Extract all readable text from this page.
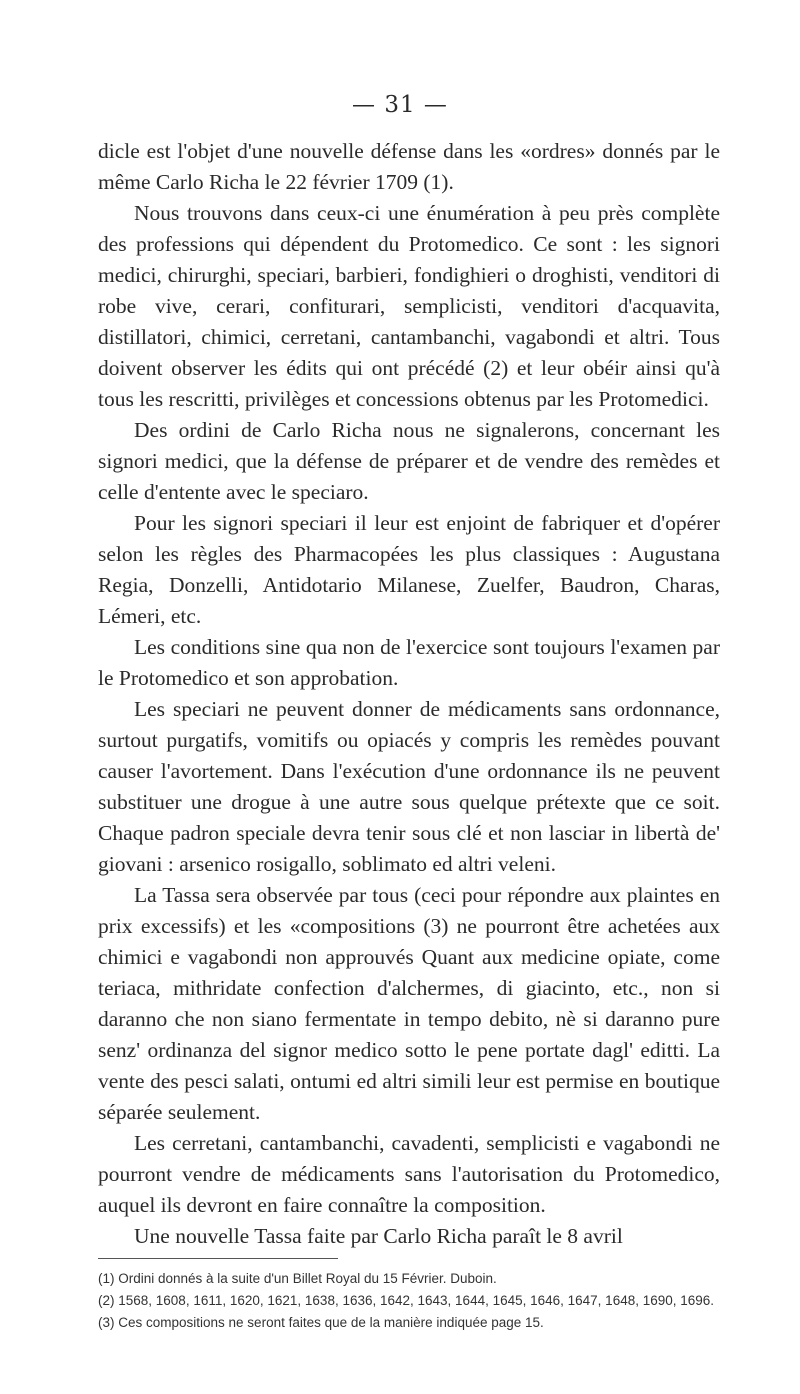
— 31 —

dicle est l'objet d'une nouvelle défense dans les «ordres» donnés par le même Carlo Richa le 22 février 1709 (1).

Nous trouvons dans ceux-ci une énumération à peu près complète des professions qui dépendent du Protomedico. Ce sont : les signori medici, chirurghi, speciari, barbieri, fondighieri o droghisti, venditori di robe vive, cerari, confiturari, semplicisti, venditori d'acquavita, distillatori, chimici, cerretani, cantambanchi, vagabondi et altri. Tous doivent observer les édits qui ont précédé (2) et leur obéir ainsi qu'à tous les rescritti, privilèges et concessions obtenus par les Protomedici.

Des ordini de Carlo Richa nous ne signalerons, concernant les signori medici, que la défense de préparer et de vendre des remèdes et celle d'entente avec le speciaro.

Pour les signori speciari il leur est enjoint de fabriquer et d'opérer selon les règles des Pharmacopées les plus classiques : Augustana Regia, Donzelli, Antidotario Milanese, Zuelfer, Baudron, Charas, Lémeri, etc.

Les conditions sine qua non de l'exercice sont toujours l'examen par le Protomedico et son approbation.

Les speciari ne peuvent donner de médicaments sans ordonnance, surtout purgatifs, vomitifs ou opiacés y compris les remèdes pouvant causer l'avortement. Dans l'exécution d'une ordonnance ils ne peuvent substituer une drogue à une autre sous quelque prétexte que ce soit. Chaque padron speciale devra tenir sous clé et non lasciar in libertà de' giovani : arsenico rosigallo, soblimato ed altri veleni.

La Tassa sera observée par tous (ceci pour répondre aux plaintes en prix excessifs) et les «compositions (3) ne pourront être achetées aux chimici e vagabondi non approuvés Quant aux medicine opiate, come teriaca, mithridate confection d'alchermes, di giacinto, etc., non si daranno che non siano fermentate in tempo debito, nè si daranno pure senz' ordinanza del signor medico sotto le pene portate dagl' editti. La vente des pesci salati, ontumi ed altri simili leur est permise en boutique séparée seulement.

Les cerretani, cantambanchi, cavadenti, semplicisti e vagabondi ne pourront vendre de médicaments sans l'autorisation du Protomedico, auquel ils devront en faire connaître la composition.

Une nouvelle Tassa faite par Carlo Richa paraît le 8 avril

(1) Ordini donnés à la suite d'un Billet Royal du 15 Février. Duboin.
(2) 1568, 1608, 1611, 1620, 1621, 1638, 1636, 1642, 1643, 1644, 1645, 1646, 1647, 1648, 1690, 1696.
(3) Ces compositions ne seront faites que de la manière indiquée page 15.
